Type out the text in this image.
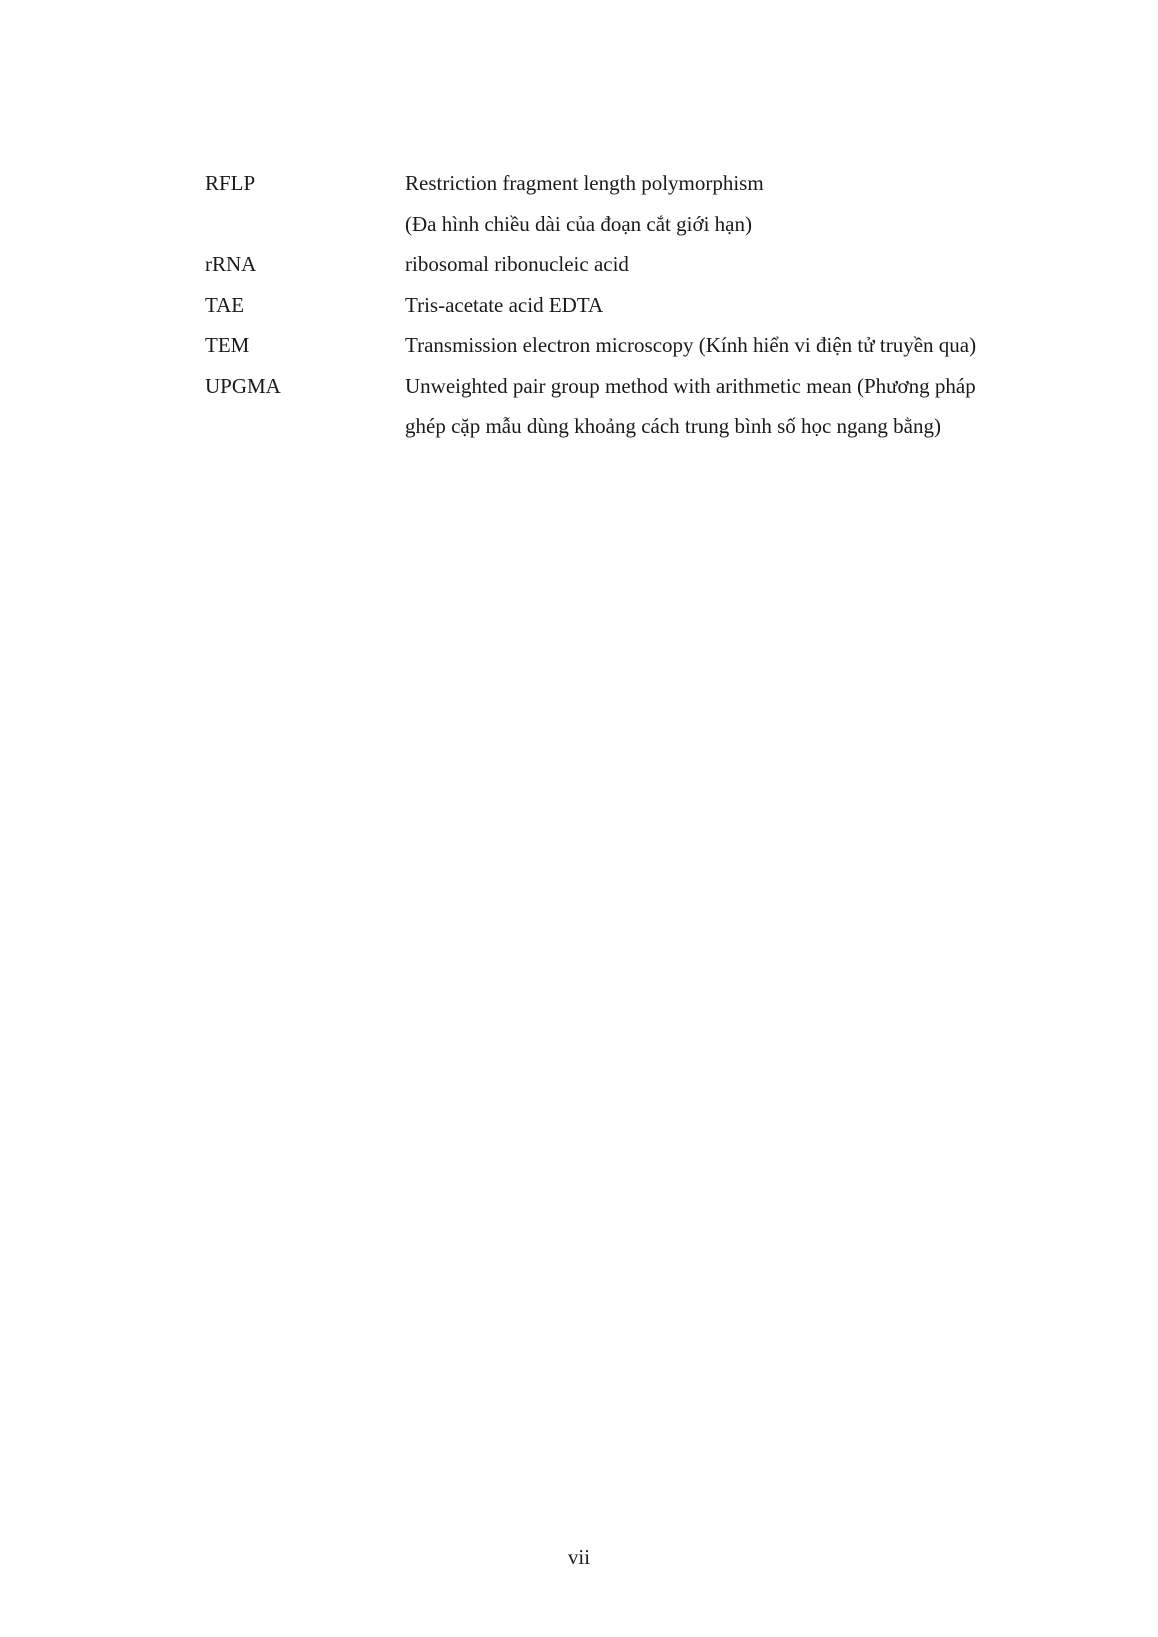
RFLP	Restriction fragment length polymorphism
(Đa hình chiều dài của đoạn cắt giới hạn)
rRNA	ribosomal ribonucleic acid
TAE	Tris-acetate acid EDTA
TEM	Transmission electron microscopy (Kính hiển vi điện tử truyền qua)
UPGMA	Unweighted pair group method with arithmetic mean (Phương pháp
ghép cặp mẫu dùng khoảng cách trung bình số học ngang bằng)
vii
